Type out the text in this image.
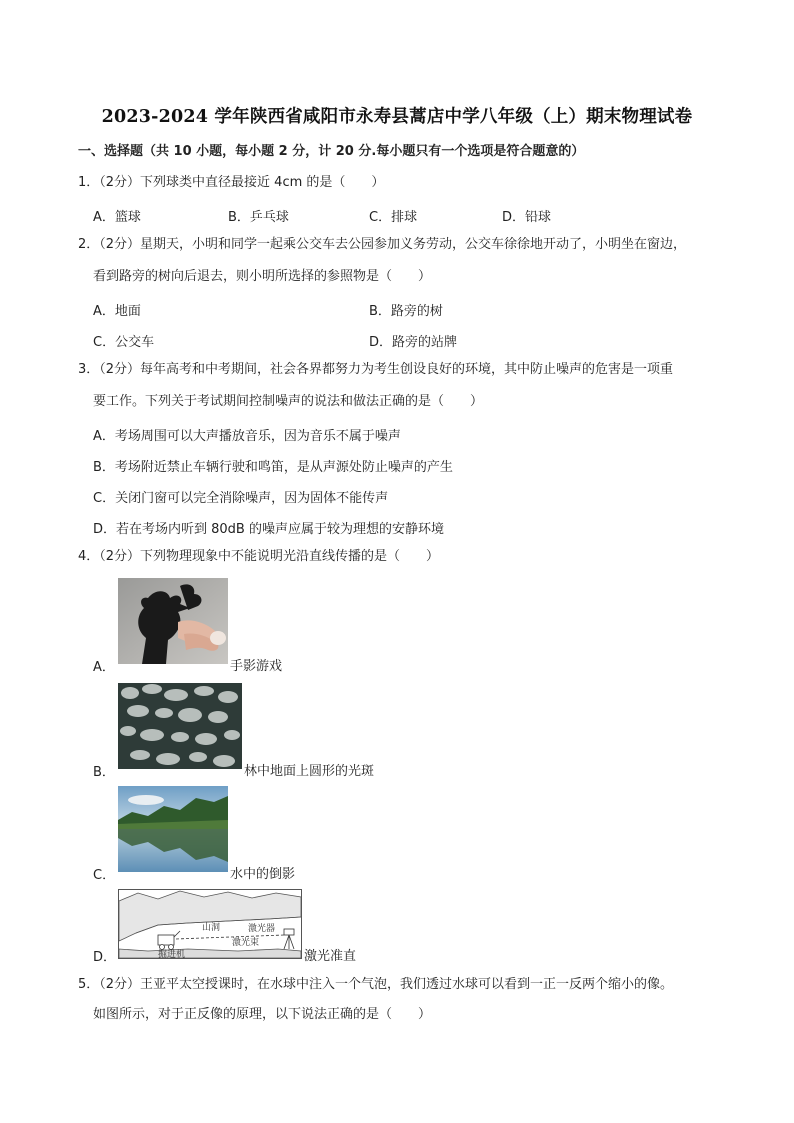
2023-2024 学年陕西省咸阳市永寿县蒿店中学八年级（上）期末物理试卷
一、选择题（共 10 小题，每小题 2 分，计 20 分.每小题只有一个选项是符合题意的）
1．（2分）下列球类中直径最接近 4cm 的是（　　）
A．篮球	B．乒乓球	C．排球	D．铅球
2．（2分）星期天，小明和同学一起乘公交车去公园参加义务劳动，公交车徐徐地开动了，小明坐在窗边，
看到路旁的树向后退去，则小明所选择的参照物是（　　）
A．地面	B．路旁的树
C．公交车	D．路旁的站牌
3．（2分）每年高考和中考期间，社会各界都努力为考生创设良好的环境，其中防止噪声的危害是一项重
要工作。下列关于考试期间控制噪声的说法和做法正确的是（　　）
A．考场周围可以大声播放音乐，因为音乐不属于噪声
B．考场附近禁止车辆行驶和鸣笛，是从声源处防止噪声的产生
C．关闭门窗可以完全消除噪声，因为固体不能传声
D．若在考场内听到 80dB 的噪声应属于较为理想的安静环境
4．（2分）下列物理现象中不能说明光沿直线传播的是（　　）
A．	手影游戏
B．	林中地面上圆形的光斑
C．	水中的倒影
山洞	激光器
激光束
掘进机
D．	激光准直
5．（2分）王亚平太空授课时，在水球中注入一个气泡，我们透过水球可以看到一正一反两个缩小的像。
如图所示，对于正反像的原理，以下说法正确的是（　　）
